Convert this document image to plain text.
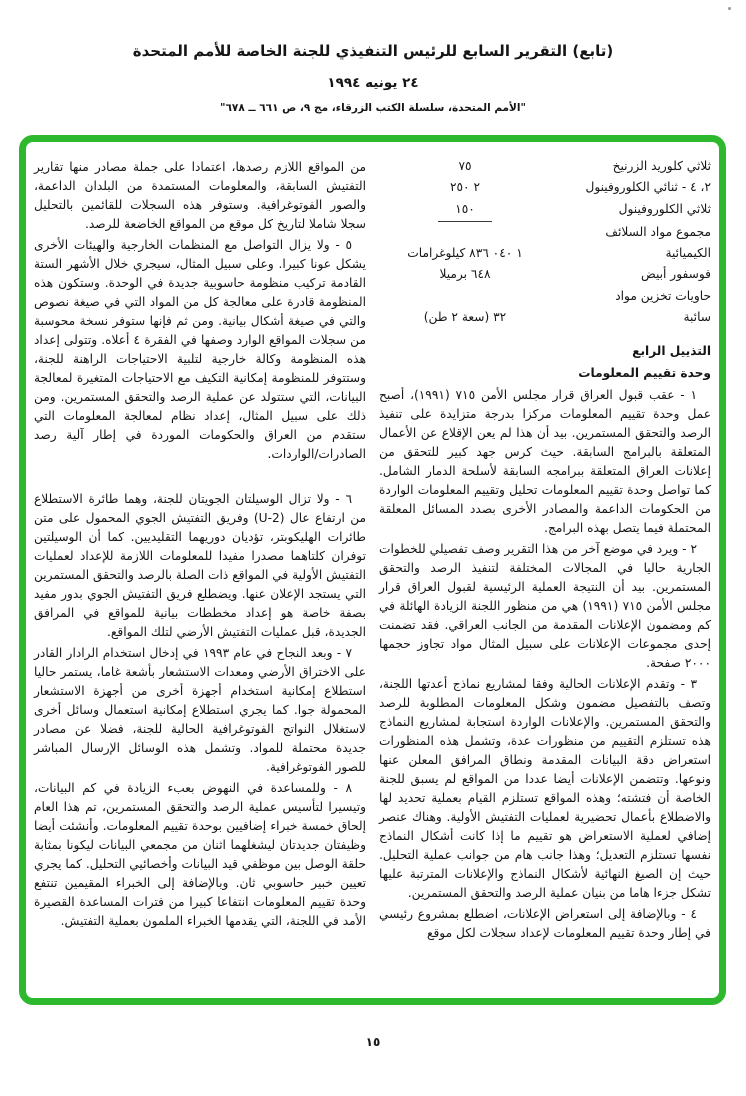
(تابع) التقرير السابع للرئيس التنفيذي للجنة الخاصة للأمم المتحدة
٢٤ يونيه ١٩٩٤
"الأمم المتحدة، سلسلة الكتب الزرقاء، مج ٩، ص ٦٦١ ــ ٦٧٨"
ثلاثي كلوريد الزرنيخ
٧٥
٢، ٤ - ثنائي الكلوروفينول
٢ ٢٥٠
ثلاثي الكلوروفينول
١٥٠
مجموع مواد السلائف
الكيميائية
١ ٠٤٠ ٨٣٦ كيلوغرامات
فوسفور أبيض
٦٤٨ برميلا
حاويات تخزين مواد
سائبة
٣٢ (سعة ٢ طن)
التذييل الرابع
وحدة تقييم المعلومات

١ - عقب قبول العراق قرار مجلس الأمن ٧١٥ (١٩٩١)، أصبح عمل وحدة تقييم المعلومات مركزا بدرجة متزايدة على تنفيذ الرصد والتحقق المستمرين. بيد أن هذا لم يعن الإقلاع عن الأعمال المتعلقة بالبرامج السابقة. حيث كرس جهد كبير للتحقق من إعلانات العراق المتعلقة ببرامجه السابقة لأسلحة الدمار الشامل. كما تواصل وحدة تقييم المعلومات تحليل وتقييم المعلومات الواردة من الحكومات الداعمة والمصادر الأخرى بصدد المسائل المعلقة المحتملة فيما يتصل بهذه البرامج.

٢ - ويرد في موضع آخر من هذا التقرير وصف تفصيلي للخطوات الجارية حاليا في المجالات المختلفة لتنفيذ الرصد والتحقق المستمرين. بيد أن النتيجة العملية الرئيسية لقبول العراق قرار مجلس الأمن ٧١٥ (١٩٩١) هي من منظور اللجنة الزيادة الهائلة في كم ومضمون الإعلانات المقدمة من الجانب العراقي. فقد تضمنت إحدى مجموعات الإعلانات على سبيل المثال مواد تجاوز حجمها ٢٠٠٠ صفحة.

٣ - وتقدم الإعلانات الحالية وفقا لمشاريع نماذج أعدتها اللجنة، وتصف بالتفصيل مضمون وشكل المعلومات المطلوبة للرصد والتحقق المستمرين. والإعلانات الواردة استجابة لمشاريع النماذج هذه تستلزم التقييم من منظورات عدة، وتشمل هذه المنظورات استعراض دقة البيانات المقدمة ونطاق المرافق المعلن عنها ونوعها. وتتضمن الإعلانات أيضا عددا من المواقع لم يسبق للجنة الخاصة أن فتشته؛ وهذه المواقع تستلزم القيام بعملية تحديد لها والاضطلاع بأعمال تحضيرية لعمليات التفتيش الأولية. وهناك عنصر إضافي لعملية الاستعراض هو تقييم ما إذا كانت أشكال النماذج نفسها تستلزم التعديل؛ وهذا جانب هام من جوانب عملية التحليل. حيث إن الصيغ النهائية لأشكال النماذج والإعلانات المترتبة عليها تشكل جزءا هاما من بنيان عملية الرصد والتحقق المستمرين.

٤ - وبالإضافة إلى استعراض الإعلانات، اضطلع بمشروع رئيسي في إطار وحدة تقييم المعلومات لإعداد سجلات لكل موقع

من المواقع اللازم رصدها، اعتمادا على جملة مصادر منها تقارير التفتيش السابقة، والمعلومات المستمدة من البلدان الداعمة، والصور الفوتوغرافية. وستوفر هذه السجلات للقائمين بالتحليل سجلا شاملا لتاريخ كل موقع من المواقع الخاضعة للرصد.

٥ - ولا يزال التواصل مع المنظمات الخارجية والهيئات الأخرى يشكل عونا كبيرا. وعلى سبيل المثال، سيجري خلال الأشهر الستة القادمة تركيب منظومة حاسوبية جديدة في الوحدة. وستكون هذه المنظومة قادرة على معالجة كل من المواد التي في صيغة نصوص والتي في صيغة أشكال بيانية. ومن ثم فإنها ستوفر نسخة محوسبة من سجلات المواقع الوارد وصفها في الفقرة ٤ أعلاه. وتتولى إعداد هذه المنظومة وكالة خارجية لتلبية الاحتياجات الراهنة للجنة، وستتوفر للمنظومة إمكانية التكيف مع الاحتياجات المتغيرة لمعالجة البيانات، التي ستتولد عن عملية الرصد والتحقق المستمرين. ومن ذلك على سبيل المثال، إعداد نظام لمعالجة المعلومات التي ستقدم من العراق والحكومات الموردة في إطار آلية رصد الصادرات/الواردات.

٦ - ولا تزال الوسيلتان الجويتان للجنة، وهما طائرة الاستطلاع من ارتفاع عال (U-2) وفريق التفتيش الجوي المحمول على متن طائرات الهليكوبتر، تؤديان دوريهما التقليديين. كما أن الوسيلتين توفران كلتاهما مصدرا مفيدا للمعلومات اللازمة للإعداد لعمليات التفتيش الأولية في المواقع ذات الصلة بالرصد والتحقق المستمرين التي يستجد الإعلان عنها. ويضطلع فريق التفتيش الجوي بدور مفيد بصفة خاصة هو إعداد مخططات بيانية للمواقع في المرافق الجديدة، قبل عمليات التفتيش الأرضي لتلك المواقع.

٧ - وبعد النجاح في عام ١٩٩٣ في إدخال استخدام الرادار القادر على الاختراق الأرضي ومعدات الاستشعار بأشعة غاما، يستمر حاليا استطلاع إمكانية استخدام أجهزة أخرى من أجهزة الاستشعار المحمولة جوا. كما يجري استطلاع إمكانية استعمال وسائل أخرى لاستغلال النواتج الفوتوغرافية الحالية للجنة، فضلا عن مصادر جديدة محتملة للمواد. وتشمل هذه الوسائل الإرسال المباشر للصور الفوتوغرافية.

٨ - وللمساعدة في النهوض بعبء الزيادة في كم البيانات، وتيسيرا لتأسيس عملية الرصد والتحقق المستمرين، تم هذا العام إلحاق خمسة خبراء إضافيين بوحدة تقييم المعلومات. وأنشئت أيضا وظيفتان جديدتان ليشغلهما اثنان من مجمعي البيانات ليكونا بمثابة حلقة الوصل بين موظفي قيد البيانات وأخصائيي التحليل. كما يجري تعيين خبير حاسوبي ثان. وبالإضافة إلى الخبراء المقيمين تنتفع وحدة تقييم المعلومات انتفاعا كبيرا من فترات المساعدة القصيرة الأمد في اللجنة، التي يقدمها الخبراء الملمون بعملية التفتيش.

١٥
